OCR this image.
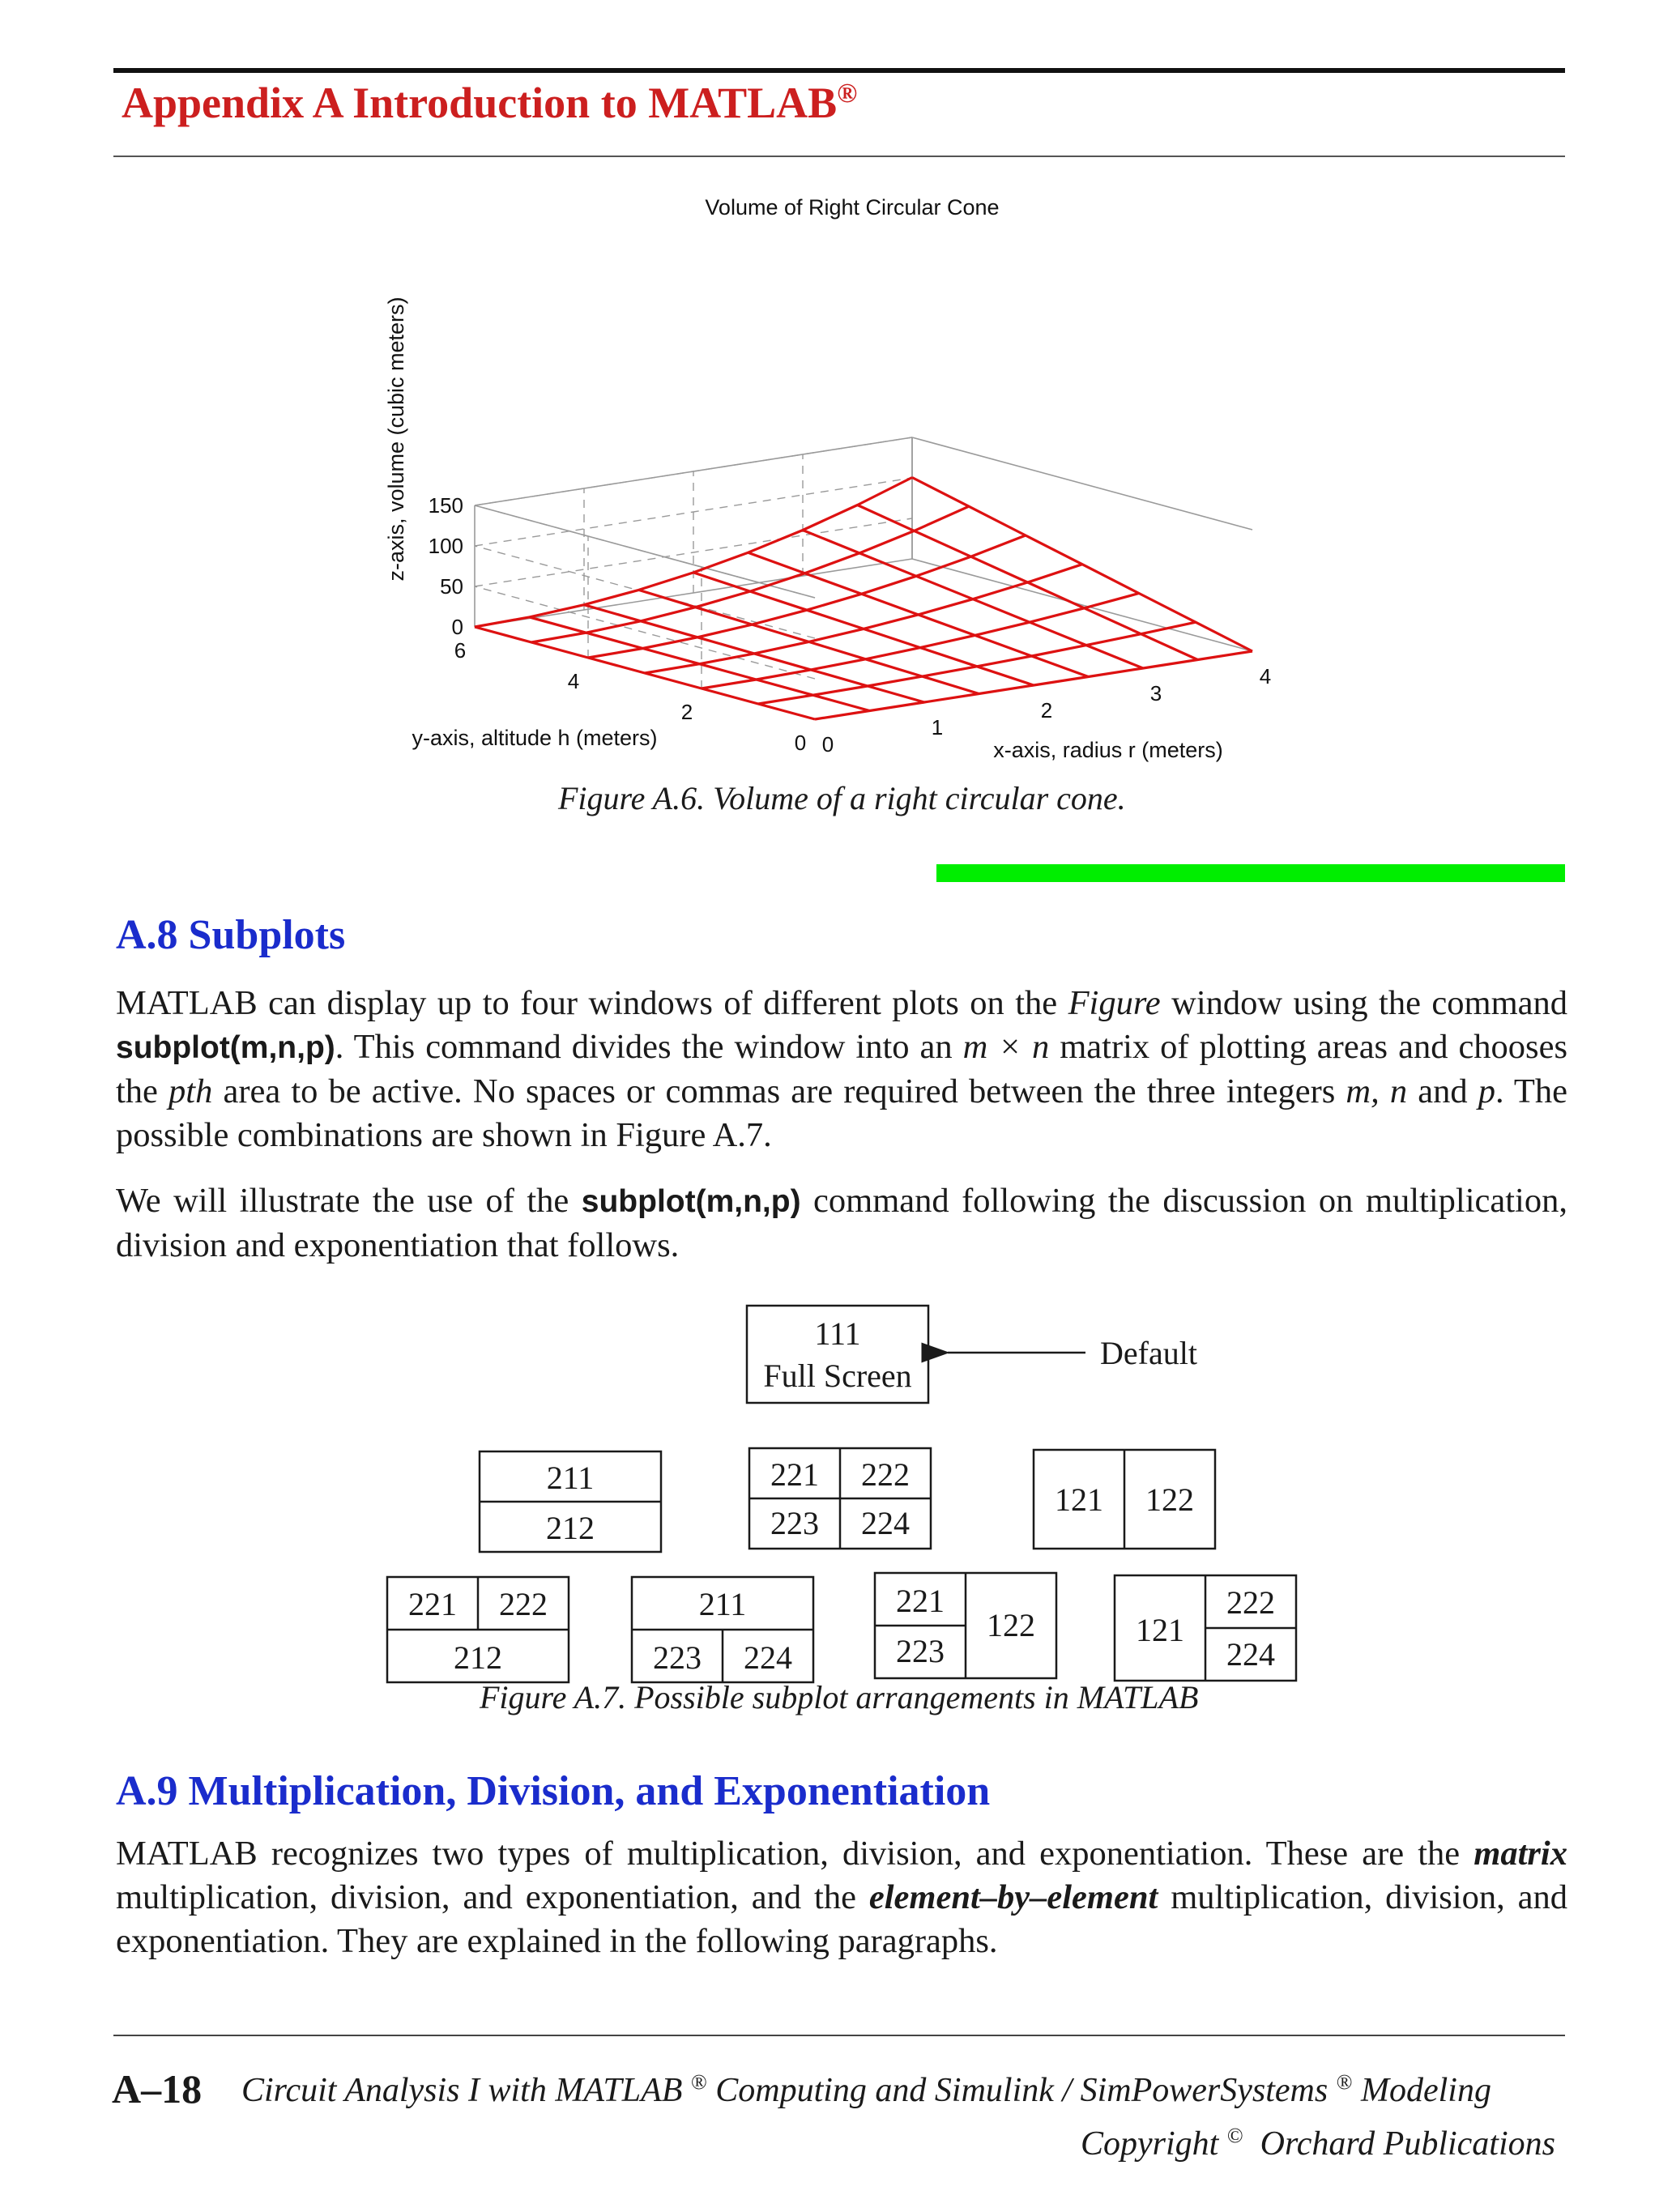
Appendix A Introduction to MATLAB®
Volume of Right Circular Cone
0
50
100
150
0
1
2
3
4
0
2
4
6
z-axis, volume (cubic meters)
y-axis, altitude h (meters)	x-axis, radius r (meters)
Figure A.6. Volume of a right circular cone.
A.8 Subplots
MATLAB can display up to four windows of different plots on the Figure window using the command subplot(m,n,p). This command divides the window into an m × n matrix of plotting areas and chooses the pth area to be active. No spaces or commas are required between the three integers m, n and p. The possible combinations are shown in Figure A.7.
We will illustrate the use of the subplot(m,n,p) command following the discussion on multiplication, division and exponentiation that follows.
111
Full Screen
Default
211
212
221 222
223 224
121 122
221 222
212
211
223 224
221
223
122	121
222
224
Figure A.7. Possible subplot arrangements in MATLAB
A.9 Multiplication, Division, and Exponentiation
MATLAB recognizes two types of multiplication, division, and exponentiation. These are the matrix multiplication, division, and exponentiation, and the element–by–element multiplication, division, and exponentiation. They are explained in the following paragraphs.
A–18 Circuit Analysis I with MATLAB ® Computing and Simulink / SimPowerSystems ® Modeling
Copyright © Orchard Publications
